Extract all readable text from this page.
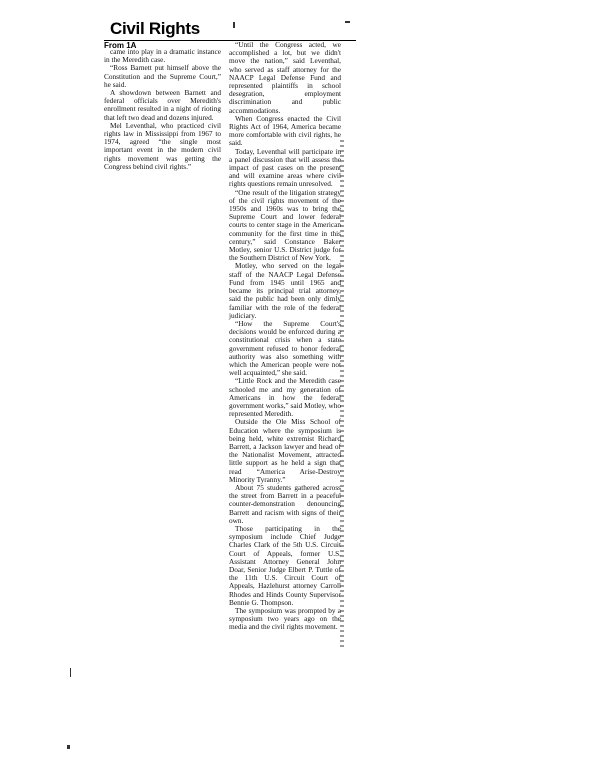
Civil Rights
From 1A

came into play in a dramatic instance in the Meredith case.

“Ross Barnett put himself above the Constitution and the Supreme Court,” he said.

A showdown between Barnett and federal officials over Meredith's enrollment resulted in a night of rioting that left two dead and dozens injured.

Mel Leventhal, who practiced civil rights law in Mississippi from 1967 to 1974, agreed “the single most important event in the modern civil rights movement was getting the Congress behind civil rights.”

“Until the Congress acted, we accomplished a lot, but we didn't move the nation,” said Leventhal, who served as staff attorney for the NAACP Legal Defense Fund and represented plaintiffs in school desegration, employment discrimination and public accommodations.

When Congress enacted the Civil Rights Act of 1964, America became more comfortable with civil rights, he said.

Today, Leventhal will participate in a panel discussion that will assess the impact of past cases on the present and will examine areas where civil rights questions remain unresolved.

“One result of the litigation strategy of the civil rights movement of the 1950s and 1960s was to bring the Supreme Court and lower federal courts to center stage in the American community for the first time in this century,” said Constance Baker Motley, senior U.S. District judge for the Southern District of New York.

Motley, who served on the legal staff of the NAACP Legal Defense Fund from 1945 until 1965 and became its principal trial attorney, said the public had been only dimly familiar with the role of the federal judiciary.

“How the Supreme Court's decisions would be enforced during a constitutional crisis when a state government refused to honor federal authority was also something with which the American people were not well acquainted,” she said.

“Little Rock and the Meredith case schooled me and my generation of Americans in how the federal government works,” said Motley, who represented Meredith.

Outside the Ole Miss School of Education where the symposium is being held, white extremist Richard Barrett, a Jackson lawyer and head of the Nationalist Movement, attracted little support as he held a sign that read “America Arise-Destroy Minority Tyranny.”

About 75 students gathered across the street from Barrett in a peaceful counter-demonstration denouncing Barrett and racism with signs of their own.

Those participating in the symposium include Chief Judge Charles Clark of the 5th U.S. Circuit Court of Appeals, former U.S. Assistant Attorney General John Doar, Senior Judge Elbert P. Tuttle of the 11th U.S. Circuit Court of Appeals, Hazlehurst attorney Carroll Rhodes and Hinds County Supervisor Bennie G. Thompson.

The symposium was prompted by a symposium two years ago on the media and the civil rights movement.
